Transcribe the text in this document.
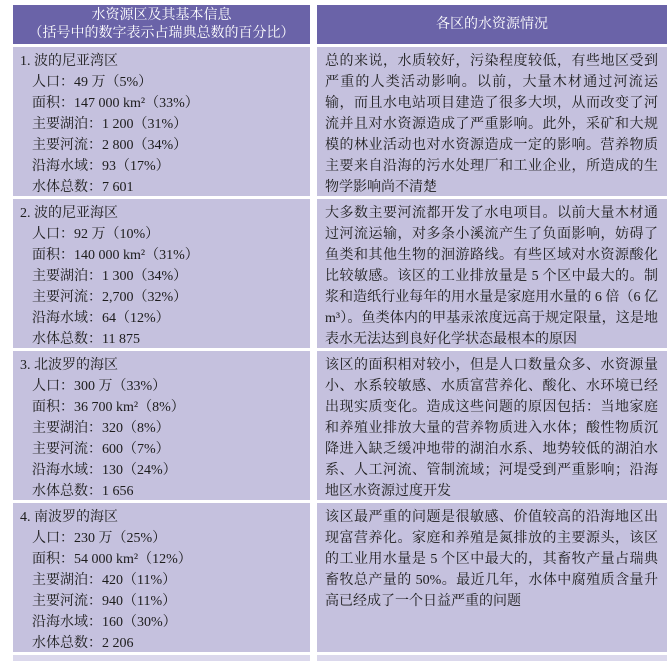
水资源区及其基本信息
（括号中的数字表示占瑞典总数的百分比）
各区的水资源情况
1. 波的尼亚湾区
人口：49 万（5%）
面积：147 000 km²（33%）
主要湖泊：1 200（31%）
主要河流：2 800（34%）
沿海水域：93（17%）
水体总数：7 601
总的来说，水质较好，污染程度较低，有些地区受到严重的人类活动影响。以前，大量木材通过河流运输，而且水电站项目建造了很多大坝，从而改变了河流并且对水资源造成了严重影响。此外，采矿和大规模的林业活动也对水资源造成一定的影响。营养物质主要来自沿海的污水处理厂和工业企业，所造成的生物学影响尚不清楚
2. 波的尼亚海区
人口：92 万（10%）
面积：140 000 km²（31%）
主要湖泊：1 300（34%）
主要河流：2,700（32%）
沿海水域：64（12%）
水体总数：11 875
大多数主要河流都开发了水电项目。以前大量木材通过河流运输，对多条小溪流产生了负面影响，妨碍了鱼类和其他生物的洄游路线。有些区域对水资源酸化比较敏感。该区的工业排放量是 5 个区中最大的。制浆和造纸行业每年的用水量是家庭用水量的 6 倍（6 亿 m³）。鱼类体内的甲基汞浓度远高于规定限量，这是地表水无法达到良好化学状态最根本的原因
3. 北波罗的海区
人口：300 万（33%）
面积：36 700 km²（8%）
主要湖泊：320（8%）
主要河流：600（7%）
沿海水域：130（24%）
水体总数：1 656
该区的面积相对较小，但是人口数量众多、水资源量小、水系较敏感、水质富营养化、酸化、水环境已经出现实质变化。造成这些问题的原因包括：当地家庭和养殖业排放大量的营养物质进入水体；酸性物质沉降进入缺乏缓冲地带的湖泊水系、地势较低的湖泊水系、人工河流、管制流域；河堤受到严重影响；沿海地区水资源过度开发
4. 南波罗的海区
人口：230 万（25%）
面积：54 000 km²（12%）
主要湖泊：420（11%）
主要河流：940（11%）
沿海水域：160（30%）
水体总数：2 206
该区最严重的问题是很敏感、价值较高的沿海地区出现富营养化。家庭和养殖是氮排放的主要源头，该区的工业用水量是 5 个区中最大的，其畜牧产量占瑞典畜牧总产量的 50%。最近几年，水体中腐殖质含量升高已经成了一个日益严重的问题
